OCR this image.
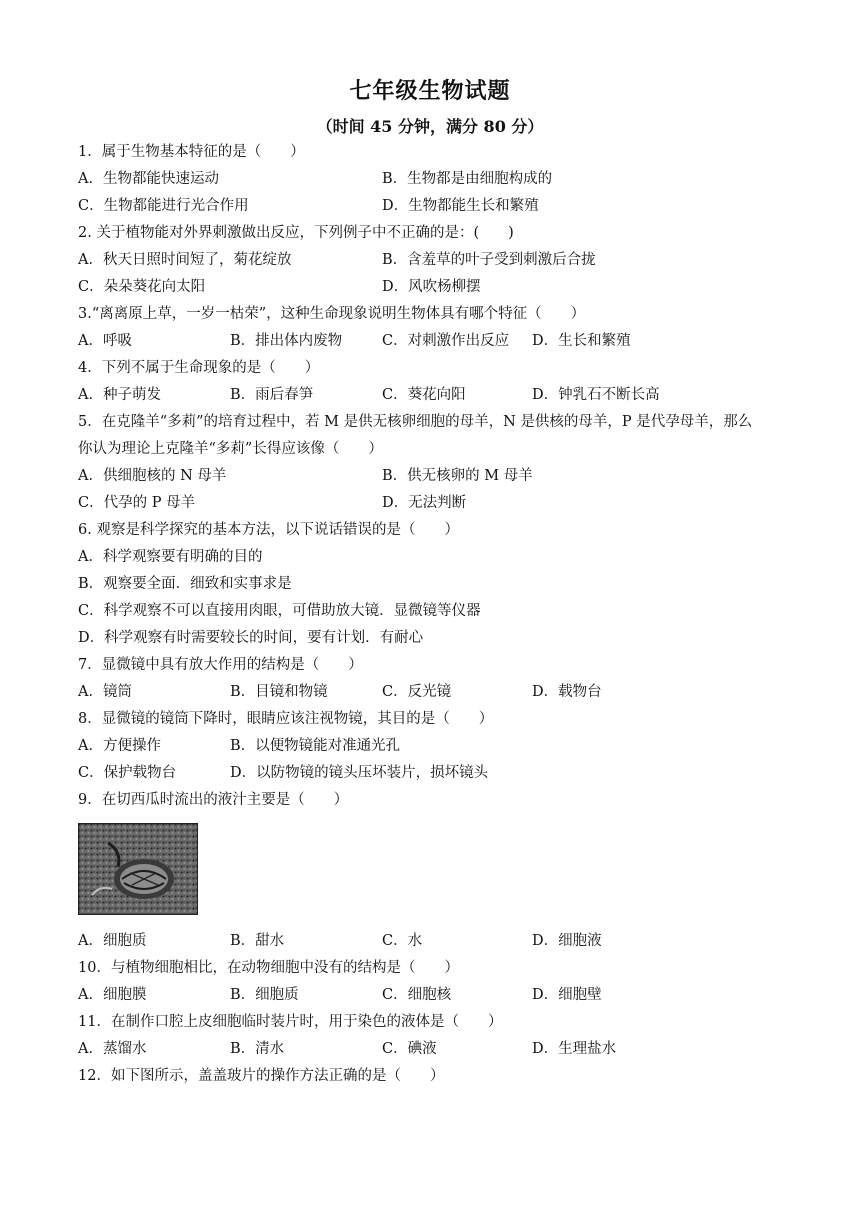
七年级生物试题
（时间 45 分钟，满分 80 分）
1．属于生物基本特征的是（　　）
A．生物都能快速运动	B．生物都是由细胞构成的
C．生物都能进行光合作用	D．生物都能生长和繁殖
2. 关于植物能对外界刺激做出反应，下列例子中不正确的是：(　　)
A．秋天日照时间短了，菊花绽放	B．含羞草的叶子受到刺激后合拢
C．朵朵葵花向太阳	D．风吹杨柳摆
3.“离离原上草，一岁一枯荣”，这种生命现象说明生物体具有哪个特征（　　）
A．呼吸	B．排出体内废物	C．对刺激作出反应 D．生长和繁殖
4．下列不属于生命现象的是（　　）
A．种子萌发	B．雨后春笋	C．葵花向阳	D．钟乳石不断长高
5．在克隆羊“多莉”的培育过程中，若 M 是供无核卵细胞的母羊，N 是供核的母羊，P 是代孕母羊，那么
你认为理论上克隆羊“多莉”长得应该像（　　）
A．供细胞核的 N 母羊	B．供无核卵的 M 母羊
C．代孕的 P 母羊	D．无法判断
6. 观察是科学探究的基本方法，以下说话错误的是（　　）
A．科学观察要有明确的目的
B．观察要全面．细致和实事求是
C．科学观察不可以直接用肉眼，可借助放大镜．显微镜等仪器
D．科学观察有时需要较长的时间，要有计划．有耐心
7．显微镜中具有放大作用的结构是（　　）
A．镜筒	B．目镜和物镜	C．反光镜	D．载物台
8．显微镜的镜筒下降时，眼睛应该注视物镜，其目的是（　　）
A．方便操作	B．以便物镜能对准通光孔
C．保护载物台	D．以防物镜的镜头压坏装片，损坏镜头
9．在切西瓜时流出的液汁主要是（　　）
A．细胞质	B．甜水	C．水	D．细胞液
10．与植物细胞相比，在动物细胞中没有的结构是（　　）
A．细胞膜	B．细胞质	C．细胞核	D．细胞壁
11．在制作口腔上皮细胞临时装片时，用于染色的液体是（　　）
A．蒸馏水	B．清水	C．碘液	D．生理盐水
12．如下图所示，盖盖玻片的操作方法正确的是（　　）
